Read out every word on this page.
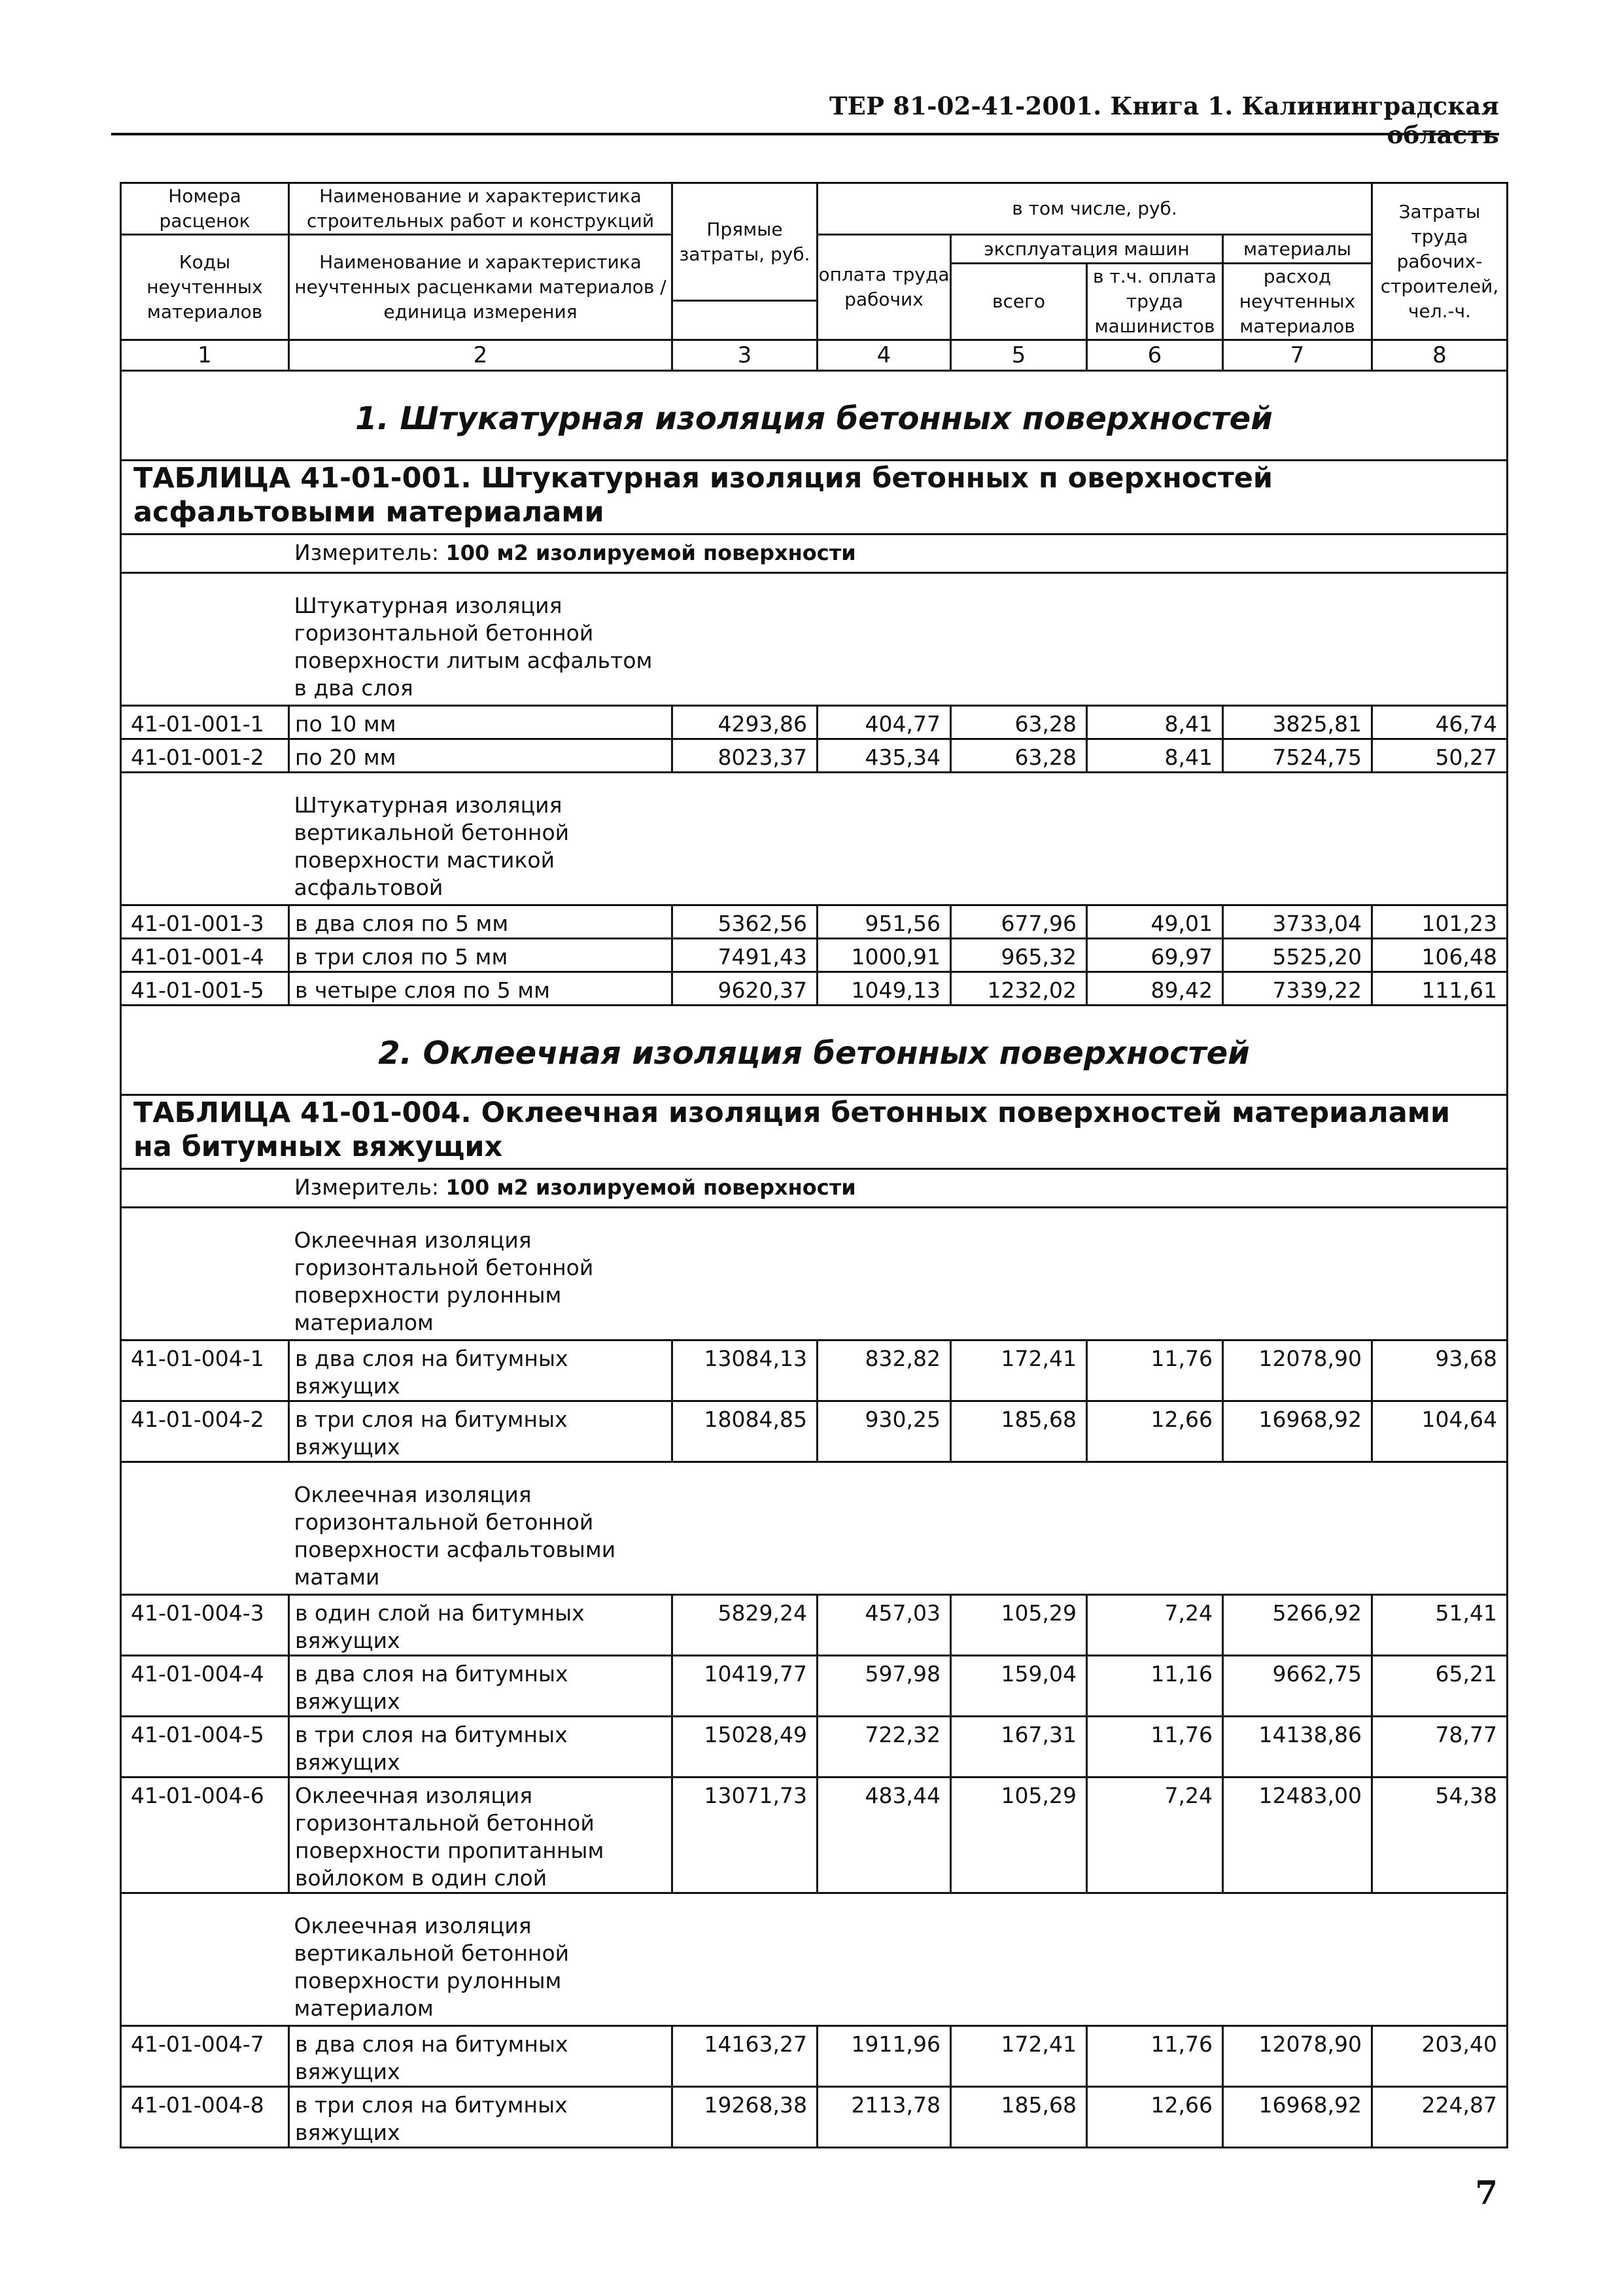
ТЕР 81-02-41-2001. Книга 1. Калининградская область
Номера расценок	Наименование и характеристика строительных работ и конструкций	Прямые затраты, руб.	в том числе, руб.				Затраты труда рабочих-строителей, чел.-ч.
Коды неучтенных материалов	Наименование и характеристика неучтенных расценками материалов / единица измерения		оплата труда рабочих	эксплуатация машин		материалы	
				всего	в т.ч. оплата труда машинистов	расход неучтенных материалов	

1	2	3	4	5	6	7	8
1. Штукатурная изоляция бетонных поверхностей							
ТАБЛИЦА 41-01-001. Штукатурная изоляция бетонных п оверхностей асфальтовыми материалами							
Измеритель: 100 м2 изолируемой поверхности							
	Штукатурная изоляция горизонтальной бетонной поверхности литым асфальтом в два слоя						
41-01-001-1	по 10 мм	4293,86	404,77	63,28	8,41	3825,81	46,74
41-01-001-2	по 20 мм	8023,37	435,34	63,28	8,41	7524,75	50,27
	Штукатурная изоляция вертикальной бетонной поверхности мастикой асфальтовой						
41-01-001-3	в два слоя по 5 мм	5362,56	951,56	677,96	49,01	3733,04	101,23
41-01-001-4	в три слоя по 5 мм	7491,43	1000,91	965,32	69,97	5525,20	106,48
41-01-001-5	в четыре слоя по 5 мм	9620,37	1049,13	1232,02	89,42	7339,22	111,61
2. Оклеечная изоляция бетонных поверхностей							
ТАБЛИЦА 41-01-004. Оклеечная изоляция бетонных поверхностей материалами на битумных вяжущих							
Измеритель: 100 м2 изолируемой поверхности							
	Оклеечная изоляция горизонтальной бетонной поверхности рулонным материалом						
41-01-004-1	в два слоя на битумных вяжущих	13084,13	832,82	172,41	11,76	12078,90	93,68
41-01-004-2	в три слоя на битумных вяжущих	18084,85	930,25	185,68	12,66	16968,92	104,64
	Оклеечная изоляция горизонтальной бетонной поверхности асфальтовыми матами						
41-01-004-3	в один слой на битумных вяжущих	5829,24	457,03	105,29	7,24	5266,92	51,41
41-01-004-4	в два слоя на битумных вяжущих	10419,77	597,98	159,04	11,16	9662,75	65,21
41-01-004-5	в три слоя на битумных вяжущих	15028,49	722,32	167,31	11,76	14138,86	78,77
41-01-004-6	Оклеечная изоляция горизонтальной бетонной поверхности пропитанным войлоком в один слой	13071,73	483,44	105,29	7,24	12483,00	54,38
	Оклеечная изоляция вертикальной бетонной поверхности рулонным материалом						
41-01-004-7	в два слоя на битумных вяжущих	14163,27	1911,96	172,41	11,76	12078,90	203,40
41-01-004-8	в три слоя на битумных вяжущих	19268,38	2113,78	185,68	12,66	16968,92	224,87
7
